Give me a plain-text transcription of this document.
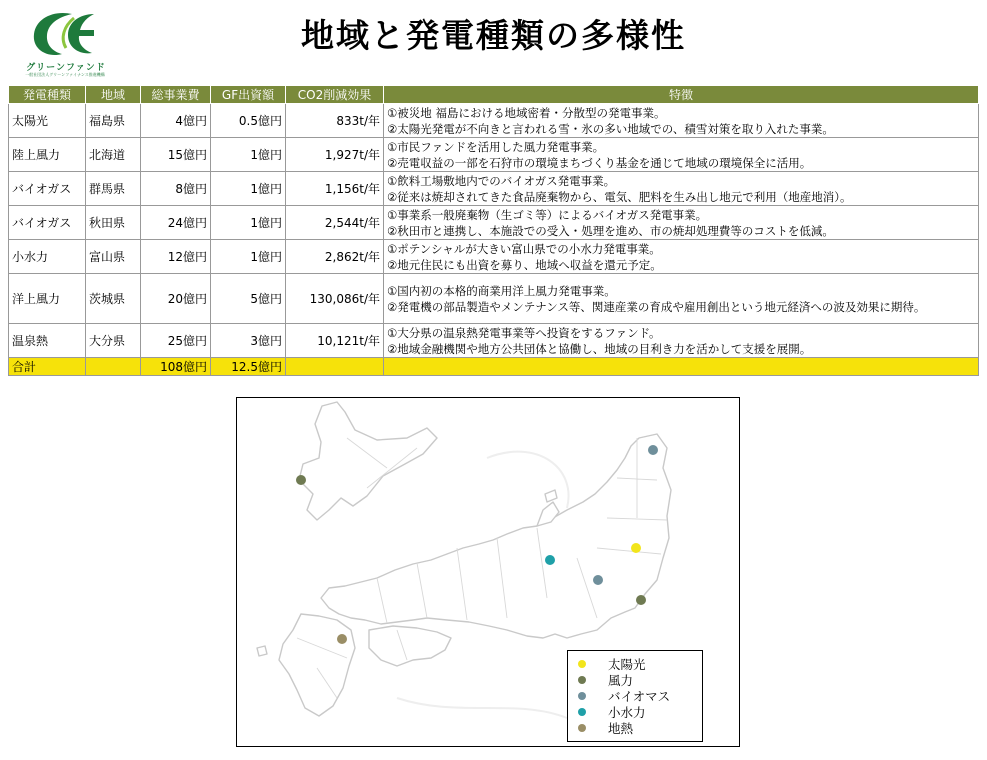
グリーンファンド
一般社団法人グリーンファイナンス推進機構
地域と発電種類の多様性
発電種類	地域	総事業費	GF出資額	CO2削減効果	特徴
太陽光	福島県	4億円	0.5億円	833t/年	①被災地 福島における地域密着・分散型の発電事業。
②太陽光発電が不向きと言われる雪・氷の多い地域での、積雪対策を取り入れた事業。

陸上風力	北海道	15億円	1億円	1,927t/年	①市民ファンドを活用した風力発電事業。
②売電収益の一部を石狩市の環境まちづくり基金を通じて地域の環境保全に活用。

バイオガス	群馬県	8億円	1億円	1,156t/年	①飲料工場敷地内でのバイオガス発電事業。
②従来は焼却されてきた食品廃棄物から、電気、肥料を生み出し地元で利用（地産地消）。

バイオガス	秋田県	24億円	1億円	2,544t/年	①事業系一般廃棄物（生ゴミ等）によるバイオガス発電事業。
②秋田市と連携し、本施設での受入・処理を進め、市の焼却処理費等のコストを低減。

小水力	富山県	12億円	1億円	2,862t/年	①ポテンシャルが大きい富山県での小水力発電事業。
②地元住民にも出資を募り、地域へ収益を還元予定。

洋上風力	茨城県	20億円	5億円	130,086t/年	①国内初の本格的商業用洋上風力発電事業。
②発電機の部品製造やメンテナンス等、関連産業の育成や雇用創出という地元経済への波及効果に期待。

温泉熱	大分県	25億円	3億円	10,121t/年	①大分県の温泉熱発電事業等へ投資をするファンド。
②地域金融機関や地方公共団体と協働し、地域の目利き力を活かして支援を展開。

合計		108億円	12.5億円		
太陽光
風力
バイオマス
小水力
地熱
